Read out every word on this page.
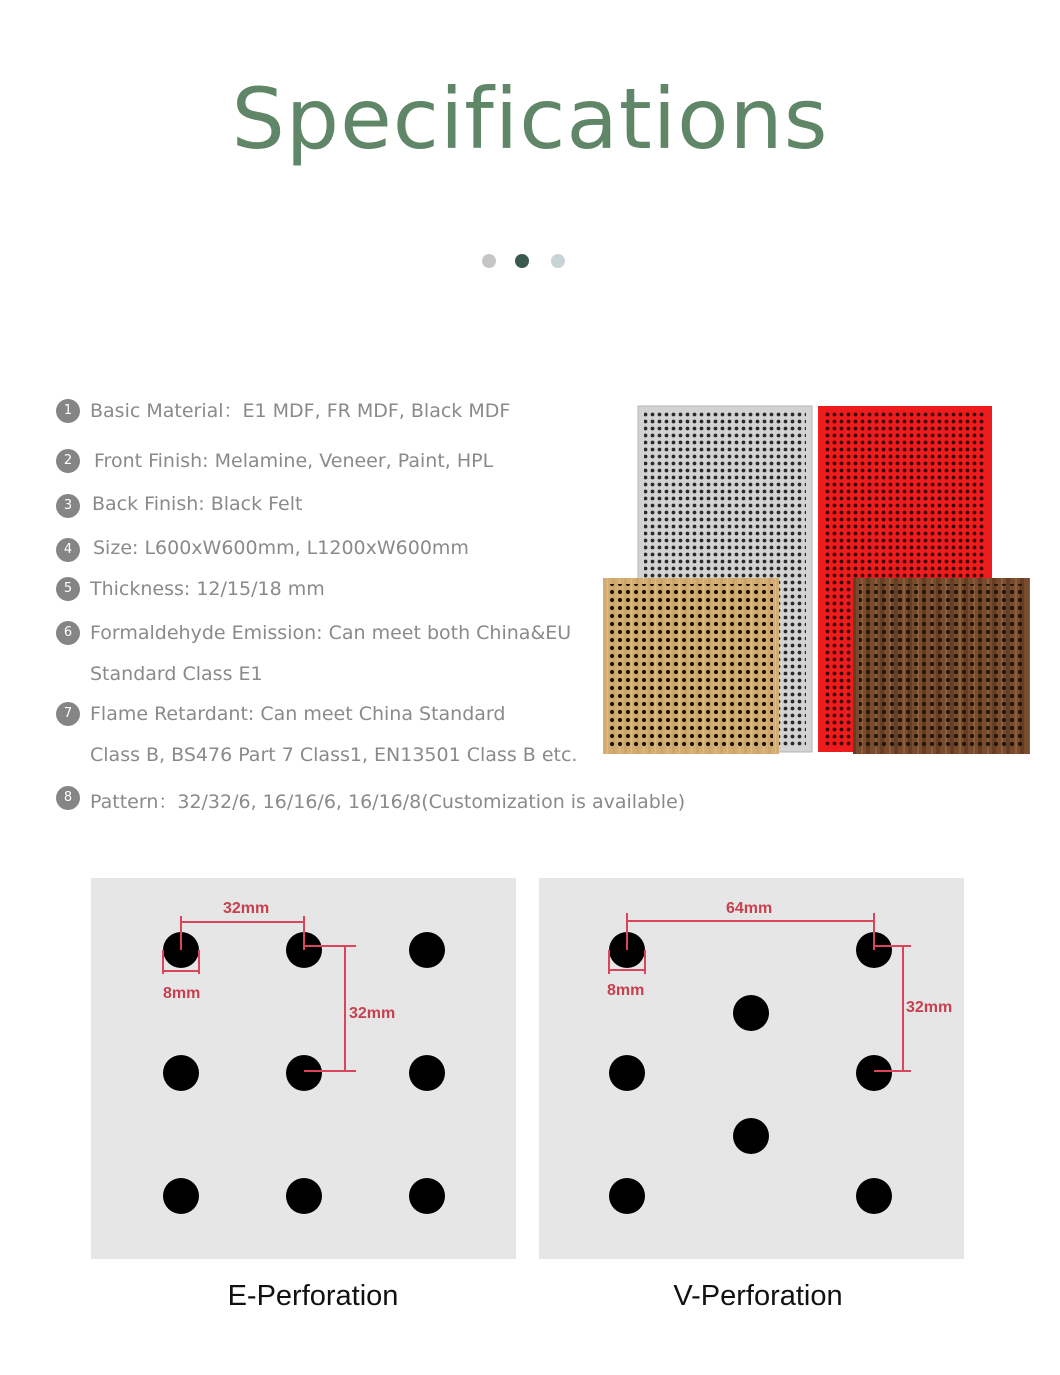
Specifications
1 Basic Material：E1 MDF, FR MDF, Black MDF
2	Front Finish: Melamine, Veneer, Paint, HPL
3	Back Finish: Black Felt
4	Size: L600xW600mm, L1200xW600mm
5 Thickness: 12/15/18 mm
6 Formaldehyde Emission: Can meet both China&EU
Standard Class E1
7 Flame Retardant: Can meet China Standard
Class B, BS476 Part 7 Class1, EN13501 Class B etc.
8 Pattern：32/32/6, 16/16/6, 16/16/8(Customization is available)
32mm
8mm
32mm
64mm
8mm
32mm
E-Perforation	V-Perforation
